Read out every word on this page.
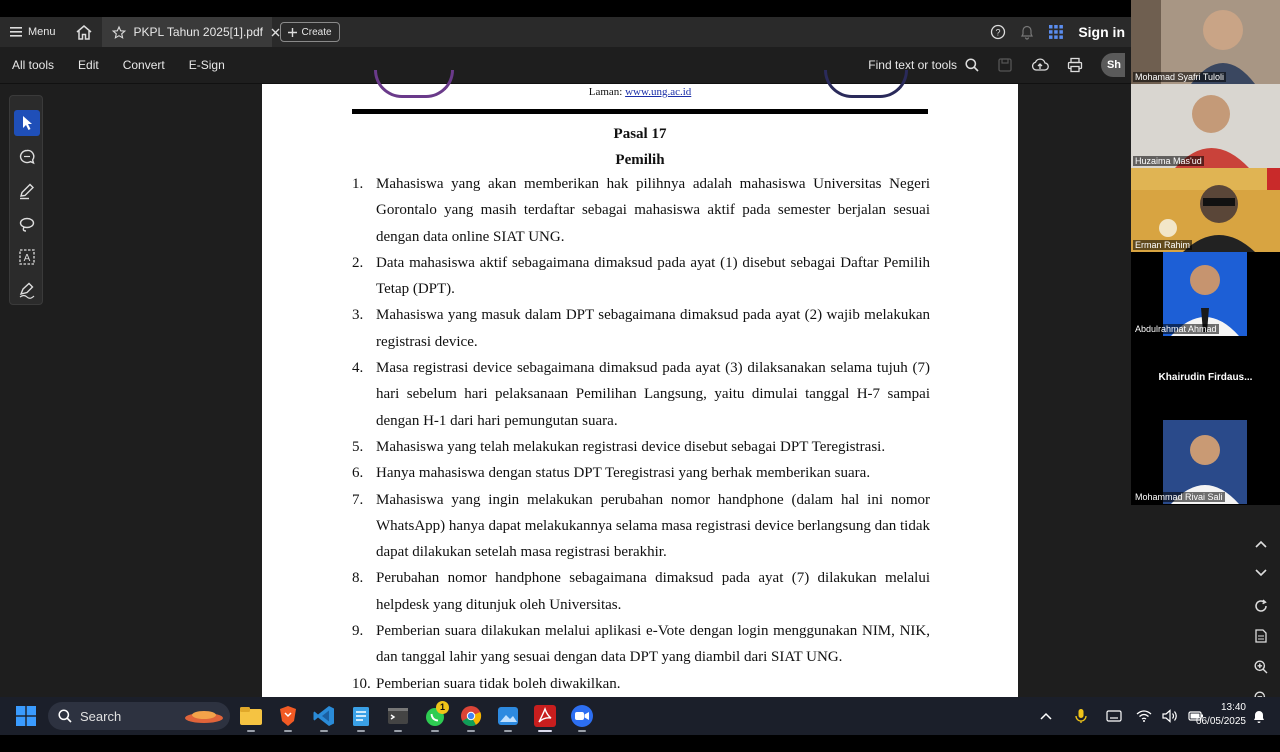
Menu	PKPL Tahun 2025[1].pdf	Create	?	Sign in
All tools	Edit	Convert	E-Sign	Find text or tools	Sh
A
Laman: www.ung.ac.id
Pasal 17
Pemilih
1. Mahasiswa yang akan memberikan hak pilihnya adalah mahasiswa Universitas Negeri Gorontalo yang masih terdaftar sebagai mahasiswa aktif pada semester berjalan sesuai dengan data online SIAT UNG.
2. Data mahasiswa aktif sebagaimana dimaksud pada ayat (1) disebut sebagai Daftar Pemilih Tetap (DPT).
3. Mahasiswa yang masuk dalam DPT sebagaimana dimaksud pada ayat (2) wajib melakukan registrasi device.
4. Masa registrasi device sebagaimana dimaksud pada ayat (3) dilaksanakan selama tujuh (7) hari sebelum hari pelaksanaan Pemilihan Langsung, yaitu dimulai tanggal H-7 sampai dengan H-1 dari hari pemungutan suara.
5. Mahasiswa yang telah melakukan registrasi device disebut sebagai DPT Teregistrasi.
6. Hanya mahasiswa dengan status DPT Teregistrasi yang berhak memberikan suara.
7. Mahasiswa yang ingin melakukan perubahan nomor handphone (dalam hal ini nomor WhatsApp) hanya dapat melakukannya selama masa registrasi device berlangsung dan tidak dapat dilakukan setelah masa registrasi berakhir.
8. Perubahan nomor handphone sebagaimana dimaksud pada ayat (7) dilakukan melalui helpdesk yang ditunjuk oleh Universitas.
9. Pemberian suara dilakukan melalui aplikasi e-Vote dengan login menggunakan NIM, NIK, dan tanggal lahir yang sesuai dengan data DPT yang diambil dari SIAT UNG.
10. Pemberian suara tidak boleh diwakilkan.
Mohamad Syafri Tuloli
Huzaima Mas'ud
Erman Rahim
Abdulrahmat Ahmad
Khairudin Firdaus...
Mohammad Rivai Sali
Search
1	13:40
06/05/2025
